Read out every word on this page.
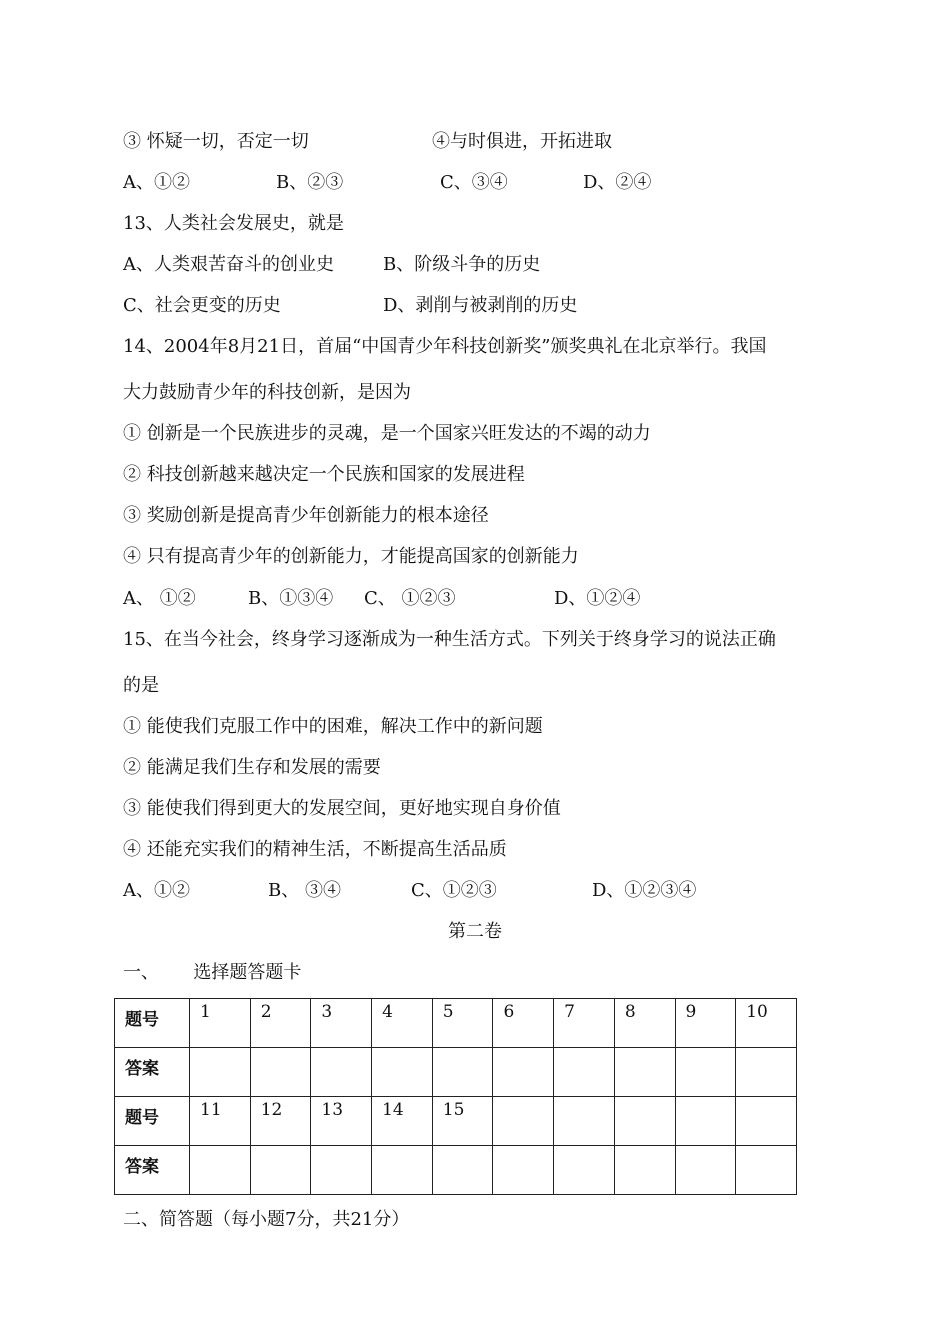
③ 怀疑一切，否定一切	④与时俱进，开拓进取
A、①②	B、②③	C、③④	D、②④
13、人类社会发展史，就是
A、人类艰苦奋斗的创业史	B、阶级斗争的历史
C、社会更变的历史	D、剥削与被剥削的历史
14、2004年8月21日，首届“中国青少年科技创新奖”颁奖典礼在北京举行。我国
大力鼓励青少年的科技创新，是因为
① 创新是一个民族进步的灵魂，是一个国家兴旺发达的不竭的动力
② 科技创新越来越决定一个民族和国家的发展进程
③ 奖励创新是提高青少年创新能力的根本途径
④ 只有提高青少年的创新能力，才能提高国家的创新能力
A、 ①②	B、①③④ C、 ①②③	D、①②④
15、在当今社会，终身学习逐渐成为一种生活方式。下列关于终身学习的说法正确
的是
① 能使我们克服工作中的困难，解决工作中的新问题
② 能满足我们生存和发展的需要
③ 能使我们得到更大的发展空间，更好地实现自身价值
④ 还能充实我们的精神生活，不断提高生活品质
A、①②	B、 ③④	C、①②③	D、①②③④
第二卷
一、      选择题答题卡
题号	1	2	3	4	5	6	7	8	9	10
答案										
题号	11	12	13	14	15					
答案										
二、简答题（每小题7分，共21分）
